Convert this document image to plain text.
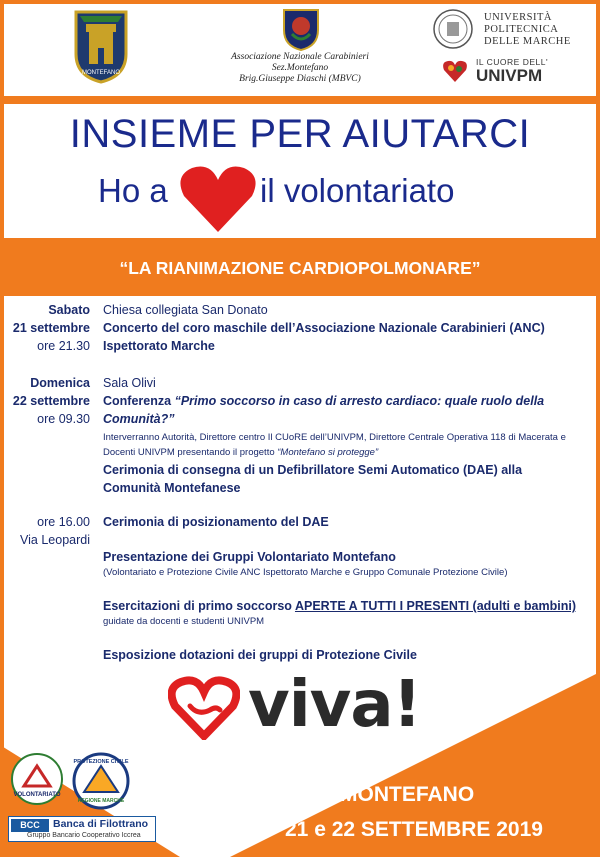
MONTEFANO
Associazione Nazionale Carabinieri
Sez.Montefano
Brig.Giuseppe Diaschi (MBVC)
UNIVERSITÀ
POLITECNICA
DELLE MARCHE
IL CUORE DELL'
UNIVPM
INSIEME PER AIUTARCI
Ho a	il volontariato
“LA RIANIMAZIONE CARDIOPOLMONARE”
Sabato
21 settembre
ore 21.30
Chiesa collegiata San Donato
Concerto del coro maschile dell’Associazione Nazionale Carabinieri (ANC)
Ispettorato Marche
Domenica
22 settembre
ore 09.30
Sala Olivi
Conferenza “Primo soccorso in caso di arresto cardiaco: quale ruolo della
Comunità?”
Interverranno Autorità, Direttore centro Il CUoRE dell’UNIVPM, Direttore Centrale Operativa 118 di Macerata e
Docenti UNIVPM presentando il progetto “Montefano si protegge”
Cerimonia di consegna di un Defibrillatore Semi Automatico (DAE) alla
Comunità Montefanese
ore 16.00
Via Leopardi
Cerimonia di posizionamento del DAE
Presentazione dei Gruppi Volontariato Montefano
(Volontariato e Protezione Civile ANC Ispettorato Marche e Gruppo Comunale Protezione Civile)
Esercitazioni di primo soccorso APERTE A TUTTI I PRESENTI (adulti e bambini)
guidate da docenti e studenti UNIVPM
Esposizione dotazioni dei gruppi di Protezione Civile
viva!
VOLONTARIATO
PROTEZIONE CIVILE
REGIONE MARCHE
BCC	Banca di Filottrano
Gruppo Bancario Cooperativo Iccrea
MONTEFANO
21 e 22 SETTEMBRE 2019
